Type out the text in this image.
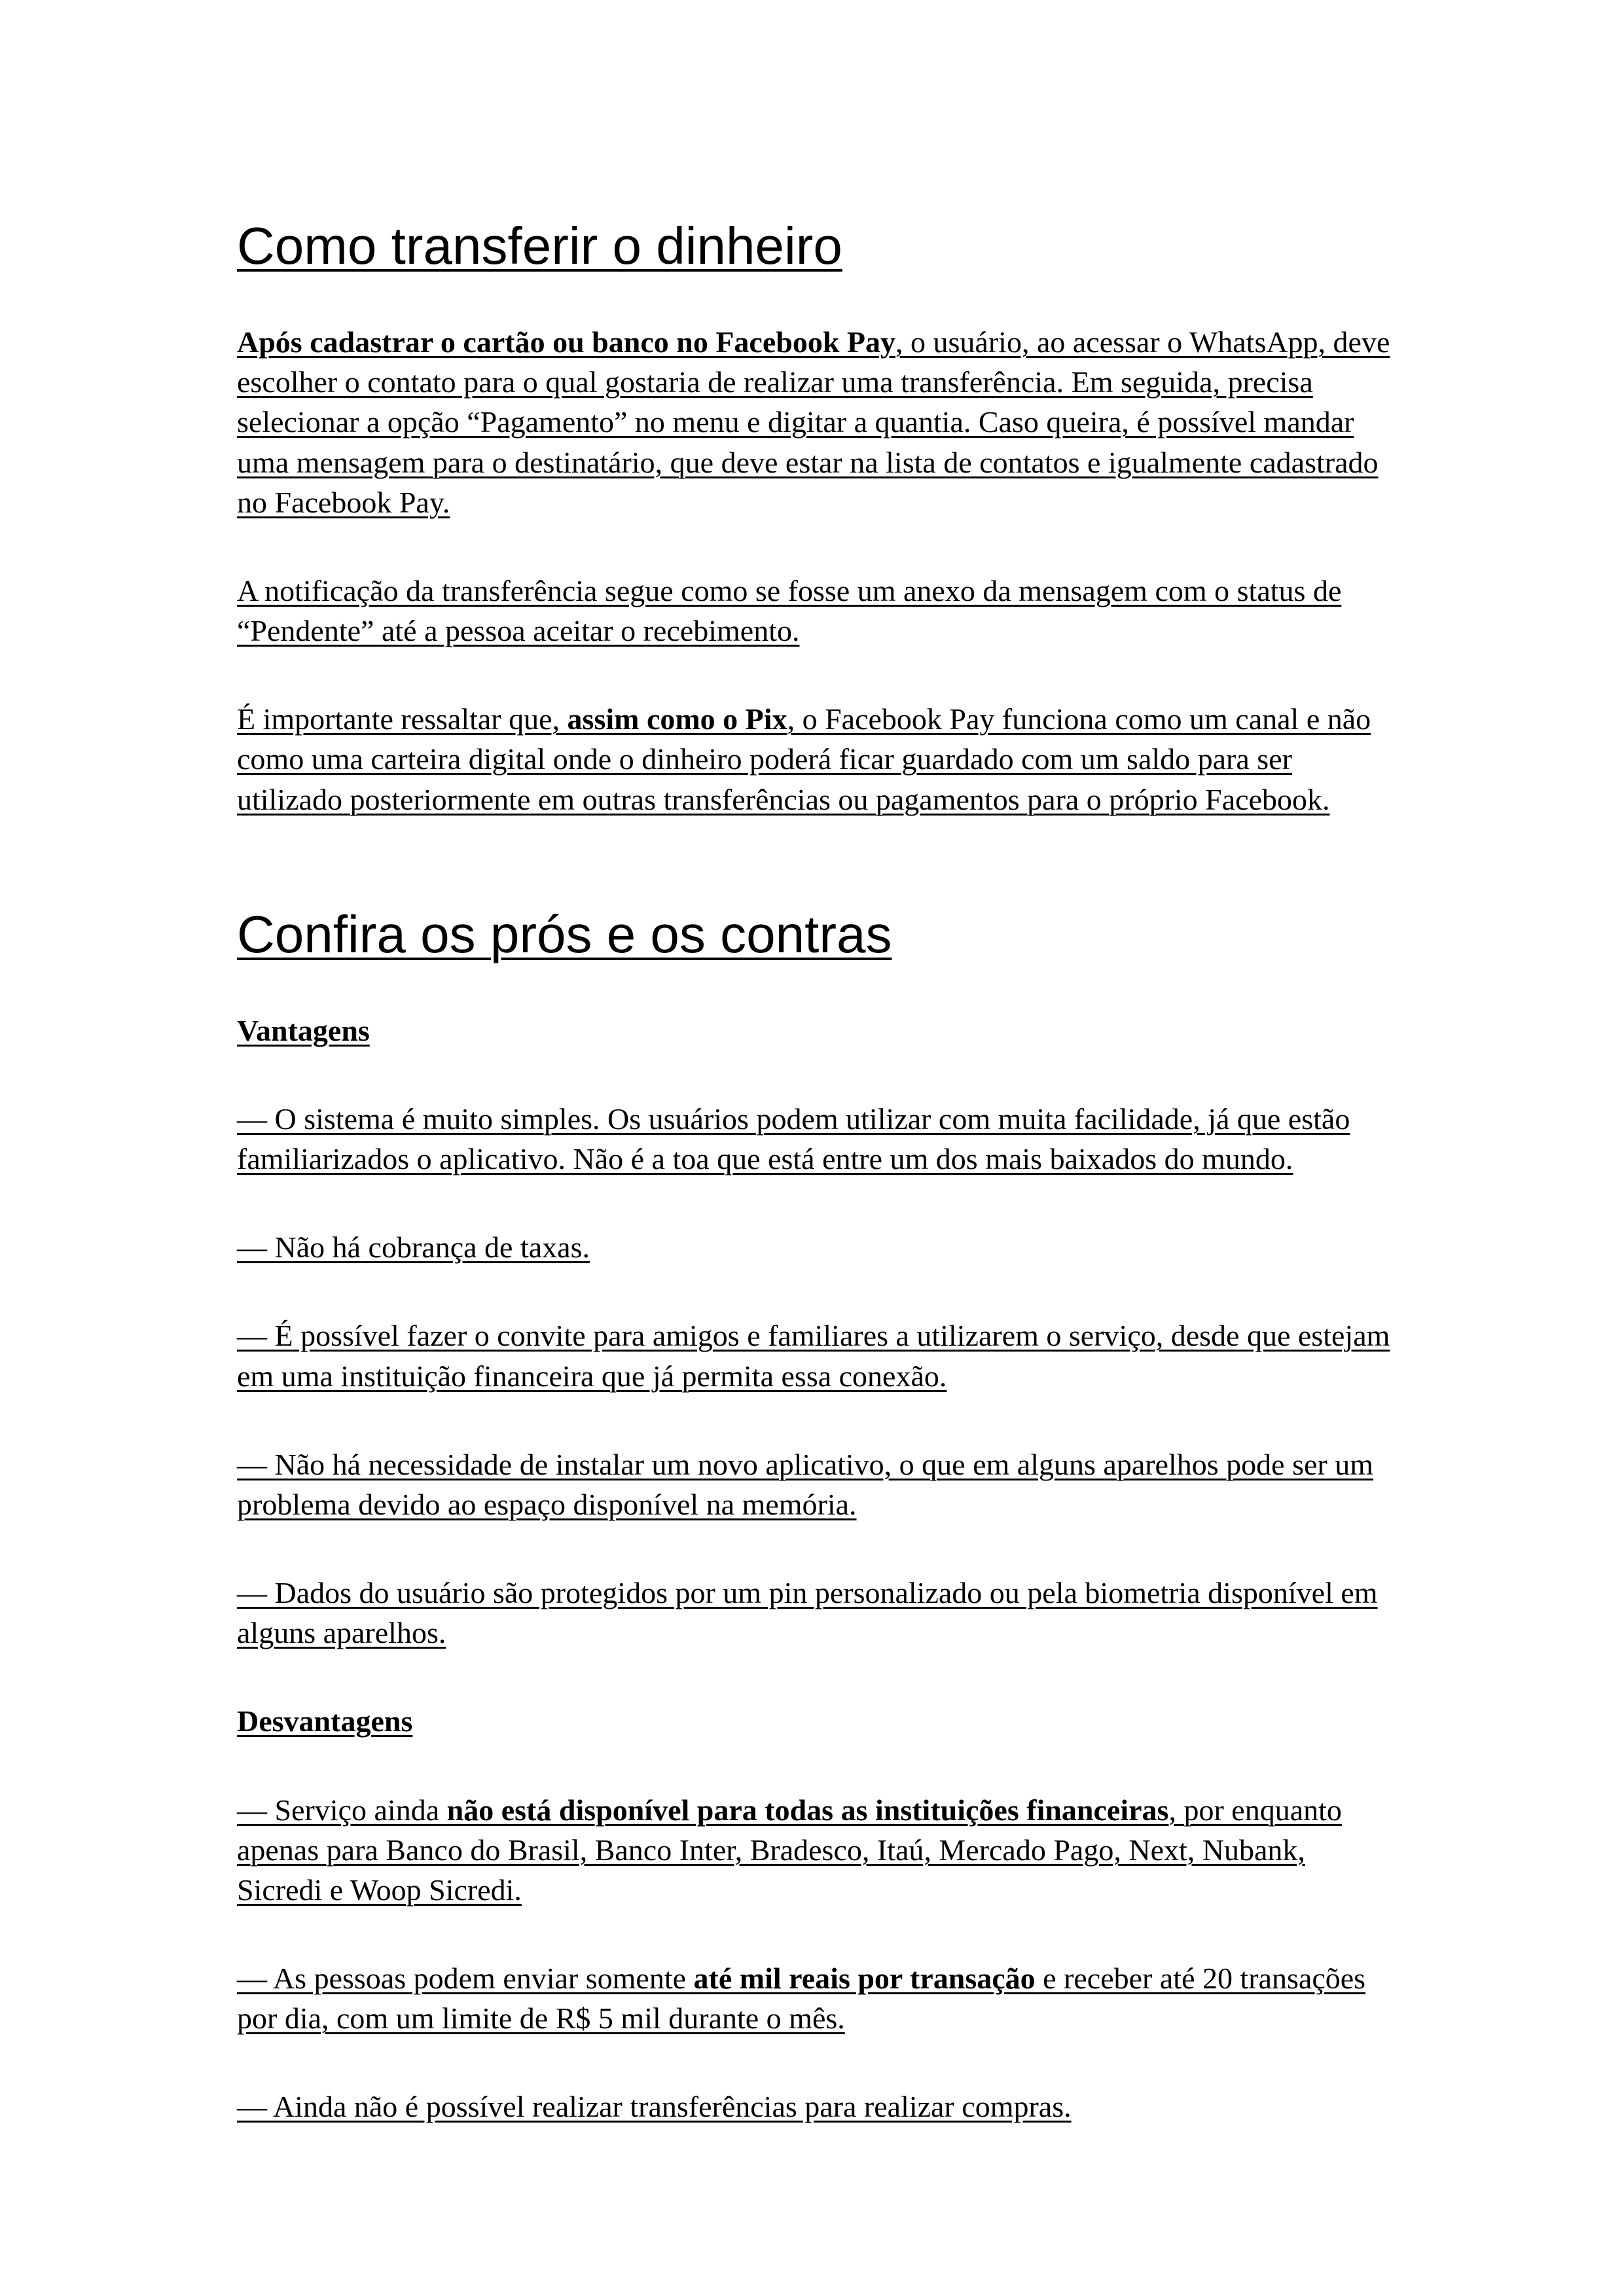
Como transferir o dinheiro

Após cadastrar o cartão ou banco no Facebook Pay, o usuário, ao acessar o WhatsApp, deve escolher o contato para o qual gostaria de realizar uma transferência. Em seguida, precisa selecionar a opção “Pagamento” no menu e digitar a quantia. Caso queira, é possível mandar uma mensagem para o destinatário, que deve estar na lista de contatos e igualmente cadastrado no Facebook Pay.

A notificação da transferência segue como se fosse um anexo da mensagem com o status de “Pendente” até a pessoa aceitar o recebimento.

É importante ressaltar que, assim como o Pix, o Facebook Pay funciona como um canal e não como uma carteira digital onde o dinheiro poderá ficar guardado com um saldo para ser utilizado posteriormente em outras transferências ou pagamentos para o próprio Facebook.

Confira os prós e os contras

Vantagens

— O sistema é muito simples. Os usuários podem utilizar com muita facilidade, já que estão familiarizados o aplicativo. Não é a toa que está entre um dos mais baixados do mundo.

— Não há cobrança de taxas.

— É possível fazer o convite para amigos e familiares a utilizarem o serviço, desde que estejam em uma instituição financeira que já permita essa conexão.

— Não há necessidade de instalar um novo aplicativo, o que em alguns aparelhos pode ser um problema devido ao espaço disponível na memória.

— Dados do usuário são protegidos por um pin personalizado ou pela biometria disponível em alguns aparelhos.

Desvantagens

— Serviço ainda não está disponível para todas as instituições financeiras, por enquanto apenas para Banco do Brasil, Banco Inter, Bradesco, Itaú, Mercado Pago, Next, Nubank, Sicredi e Woop Sicredi.

— As pessoas podem enviar somente até mil reais por transação e receber até 20 transações por dia, com um limite de R$ 5 mil durante o mês.

— Ainda não é possível realizar transferências para realizar compras.
